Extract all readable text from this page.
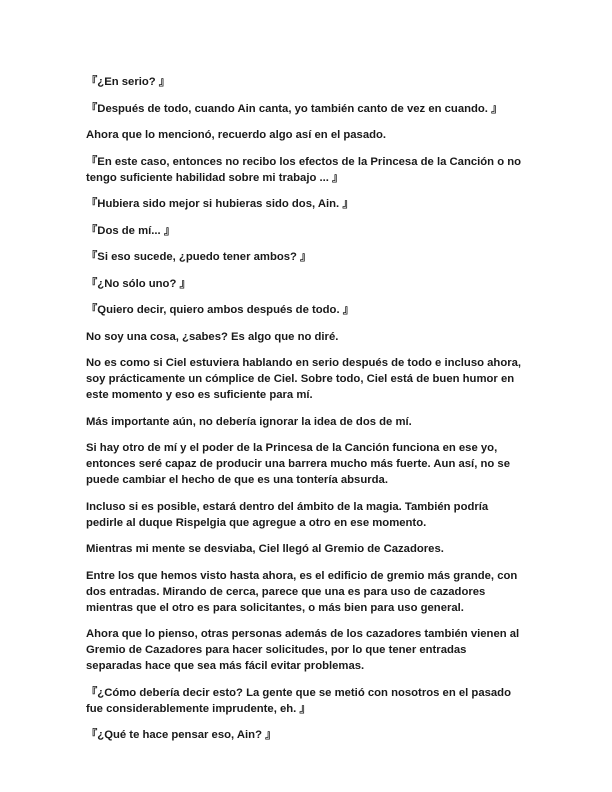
『¿En serio? 』

『Después de todo, cuando Ain canta, yo también canto de vez en cuando. 』

Ahora que lo mencionó, recuerdo algo así en el pasado.

『En este caso, entonces no recibo los efectos de la Princesa de la Canción o no tengo suficiente habilidad sobre mi trabajo ... 』

『Hubiera sido mejor si hubieras sido dos, Ain. 』

『Dos de mí... 』

『Si eso sucede, ¿puedo tener ambos? 』

『¿No sólo uno? 』

『Quiero decir, quiero ambos después de todo. 』

No soy una cosa, ¿sabes? Es algo que no diré.

No es como si Ciel estuviera hablando en serio después de todo e incluso ahora, soy prácticamente un cómplice de Ciel. Sobre todo, Ciel está de buen humor en este momento y eso es suficiente para mí.

Más importante aún, no debería ignorar la idea de dos de mí.

Si hay otro de mí y el poder de la Princesa de la Canción funciona en ese yo, entonces seré capaz de producir una barrera mucho más fuerte. Aun así, no se puede cambiar el hecho de que es una tontería absurda.

Incluso si es posible, estará dentro del ámbito de la magia. También podría pedirle al duque Rispelgia que agregue a otro en ese momento.

Mientras mi mente se desviaba, Ciel llegó al Gremio de Cazadores.

Entre los que hemos visto hasta ahora, es el edificio de gremio más grande, con dos entradas. Mirando de cerca, parece que una es para uso de cazadores mientras que el otro es para solicitantes, o más bien para uso general.

Ahora que lo pienso, otras personas además de los cazadores también vienen al Gremio de Cazadores para hacer solicitudes, por lo que tener entradas separadas hace que sea más fácil evitar problemas.

『¿Cómo debería decir esto? La gente que se metió con nosotros en el pasado fue considerablemente imprudente, eh. 』

『¿Qué te hace pensar eso, Ain? 』
